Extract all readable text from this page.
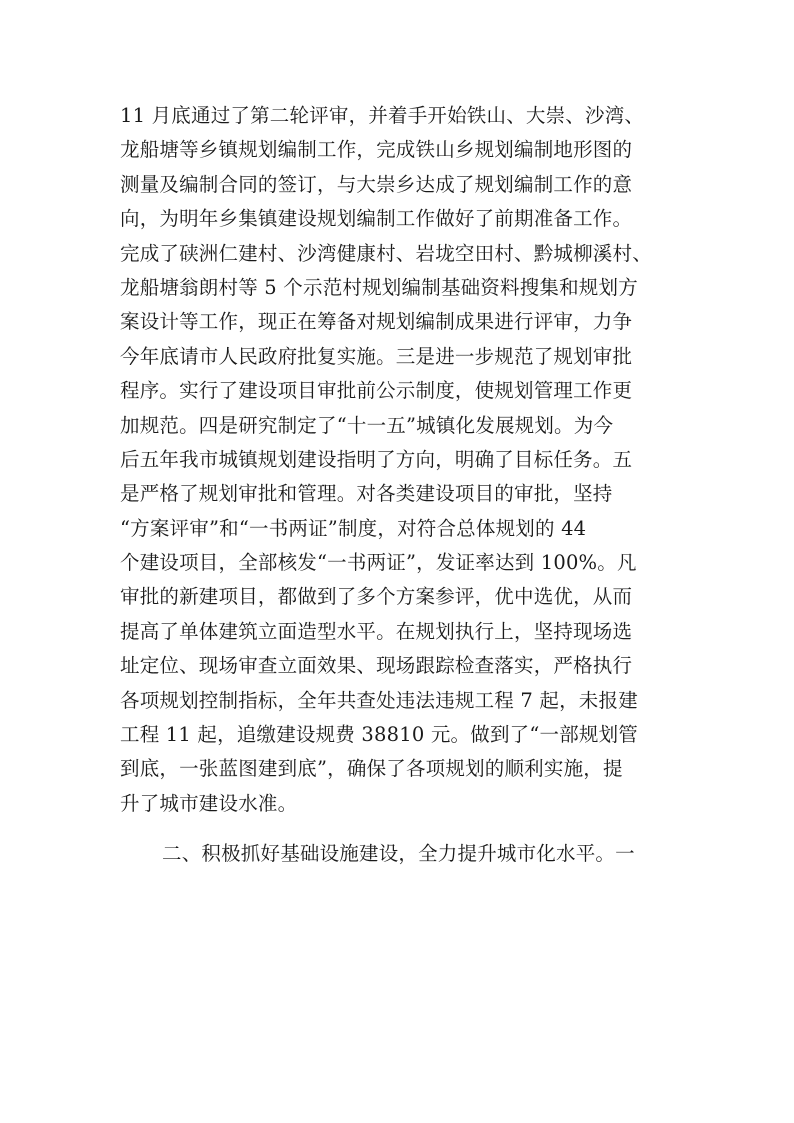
11 月底通过了第二轮评审，并着手开始铁山、大崇、沙湾、
龙船塘等乡镇规划编制工作，完成铁山乡规划编制地形图的
测量及编制合同的签订，与大崇乡达成了规划编制工作的意
向，为明年乡集镇建设规划编制工作做好了前期准备工作。
完成了硖洲仁建村、沙湾健康村、岩垅空田村、黔城柳溪村、
龙船塘翁朗村等 5 个示范村规划编制基础资料搜集和规划方
案设计等工作，现正在筹备对规划编制成果进行评审，力争
今年底请市人民政府批复实施。三是进一步规范了规划审批
程序。实行了建设项目审批前公示制度，使规划管理工作更
加规范。四是研究制定了“十一五”城镇化发展规划。为今
后五年我市城镇规划建设指明了方向，明确了目标任务。五
是严格了规划审批和管理。对各类建设项目的审批，坚持
“方案评审”和“一书两证”制度，对符合总体规划的 44
个建设项目，全部核发“一书两证”，发证率达到 100%。凡
审批的新建项目，都做到了多个方案参评，优中选优，从而
提高了单体建筑立面造型水平。在规划执行上，坚持现场选
址定位、现场审查立面效果、现场跟踪检查落实，严格执行
各项规划控制指标，全年共查处违法违规工程 7 起，未报建
工程 11 起，追缴建设规费 38810 元。做到了“一部规划管
到底，一张蓝图建到底”，确保了各项规划的顺利实施，提
升了城市建设水准。
二、积极抓好基础设施建设，全力提升城市化水平。一
